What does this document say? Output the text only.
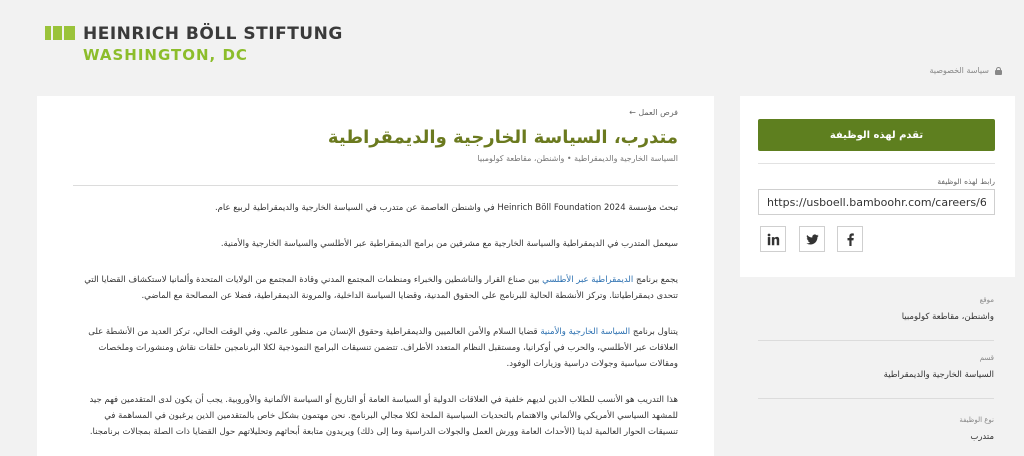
HEINRICH BÖLL STIFTUNG
WASHINGTON, DC
سياسة الخصوصية
فرص العمل ←
متدرب، السياسة الخارجية والديمقراطية
السياسة الخارجية والديمقراطية • واشنطن، مقاطعة كولومبيا

تبحث مؤسسة Heinrich Böll Foundation 2024 في واشنطن العاصمة عن متدرب في السياسة الخارجية والديمقراطية لربيع عام.

سيعمل المتدرب في الديمقراطية والسياسة الخارجية مع مشرفين من برامج الديمقراطية عبر الأطلسي والسياسة الخارجية والأمنية.

يجمع برنامج الديمقراطية عبر الأطلسي بين صناع القرار والناشطين والخبراء ومنظمات المجتمع المدني وقادة المجتمع من الولايات المتحدة وألمانيا لاستكشاف القضايا التي تتحدى ديمقراطياتنا. وتركز الأنشطة الحالية للبرنامج على الحقوق المدنية، وقضايا السياسة الداخلية، والمرونة الديمقراطية، فضلا عن المصالحة مع الماضي.

يتناول برنامج السياسة الخارجية والأمنية قضايا السلام والأمن العالميين والديمقراطية وحقوق الإنسان من منظور عالمي. وفي الوقت الحالي، تركز العديد من الأنشطة على العلاقات عبر الأطلسي، والحرب في أوكرانيا، ومستقبل النظام المتعدد الأطراف. تتضمن تنسيقات البرامج النموذجية لكلا البرنامجين حلقات نقاش ومنشورات وملخصات ومقالات سياسية وجولات دراسية وزيارات الوفود.

هذا التدريب هو الأنسب للطلاب الذين لديهم خلفية في العلاقات الدولية أو السياسة العامة أو التاريخ أو السياسة الألمانية والأوروبية. يجب أن يكون لدى المتقدمين فهم جيد للمشهد السياسي الأمريكي والألماني والاهتمام بالتحديات السياسية الملحة لكلا مجالي البرنامج. نحن مهتمون بشكل خاص بالمتقدمين الذين يرغبون في المساهمة في تنسيقات الحوار العالمية لدينا (الأحداث العامة وورش العمل والجولات الدراسية وما إلى ذلك) ويريدون متابعة أبحاثهم وتحليلاتهم حول القضايا ذات الصلة بمجالات برنامجنا.

تقدم لهذه الوظيفة
رابط لهذه الوظيفة
https://usboell.bamboohr.com/careers/62
موقع
واشنطن، مقاطعة كولومبيا
قسم
السياسة الخارجية والديمقراطية
نوع الوظيفة
متدرب
